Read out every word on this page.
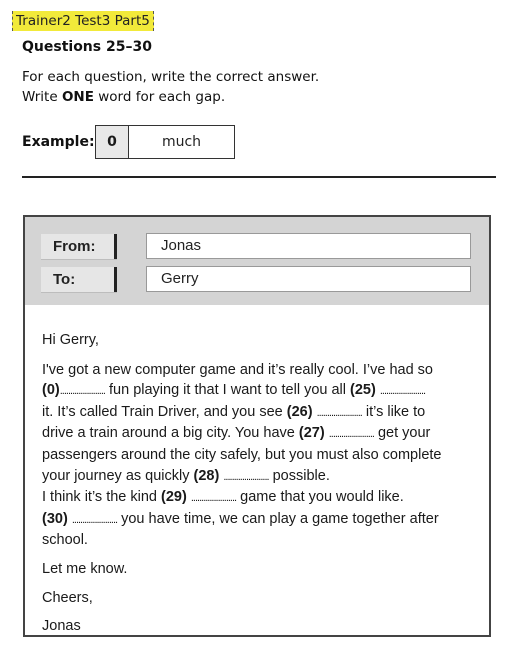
Trainer2 Test3 Part5
Questions 25–30
For each question, write the correct answer.
Write ONE word for each gap.
Example: 0	much
From:	Jonas
To:	Gerry

Hi Gerry,

I've got a new computer game and it’s really cool. I’ve had so
(0)...................... fun playing it that I want to tell you all (25) ......................
it. It’s called Train Driver, and you see (26) ...................... it’s like to
drive a train around a big city. You have (27) ...................... get your
passengers around the city safely, but you must also complete
your journey as quickly (28) ...................... possible.
I think it’s the kind (29) ...................... game that you would like.
(30) ...................... you have time, we can play a game together after
school.

Let me know.

Cheers,

Jonas
